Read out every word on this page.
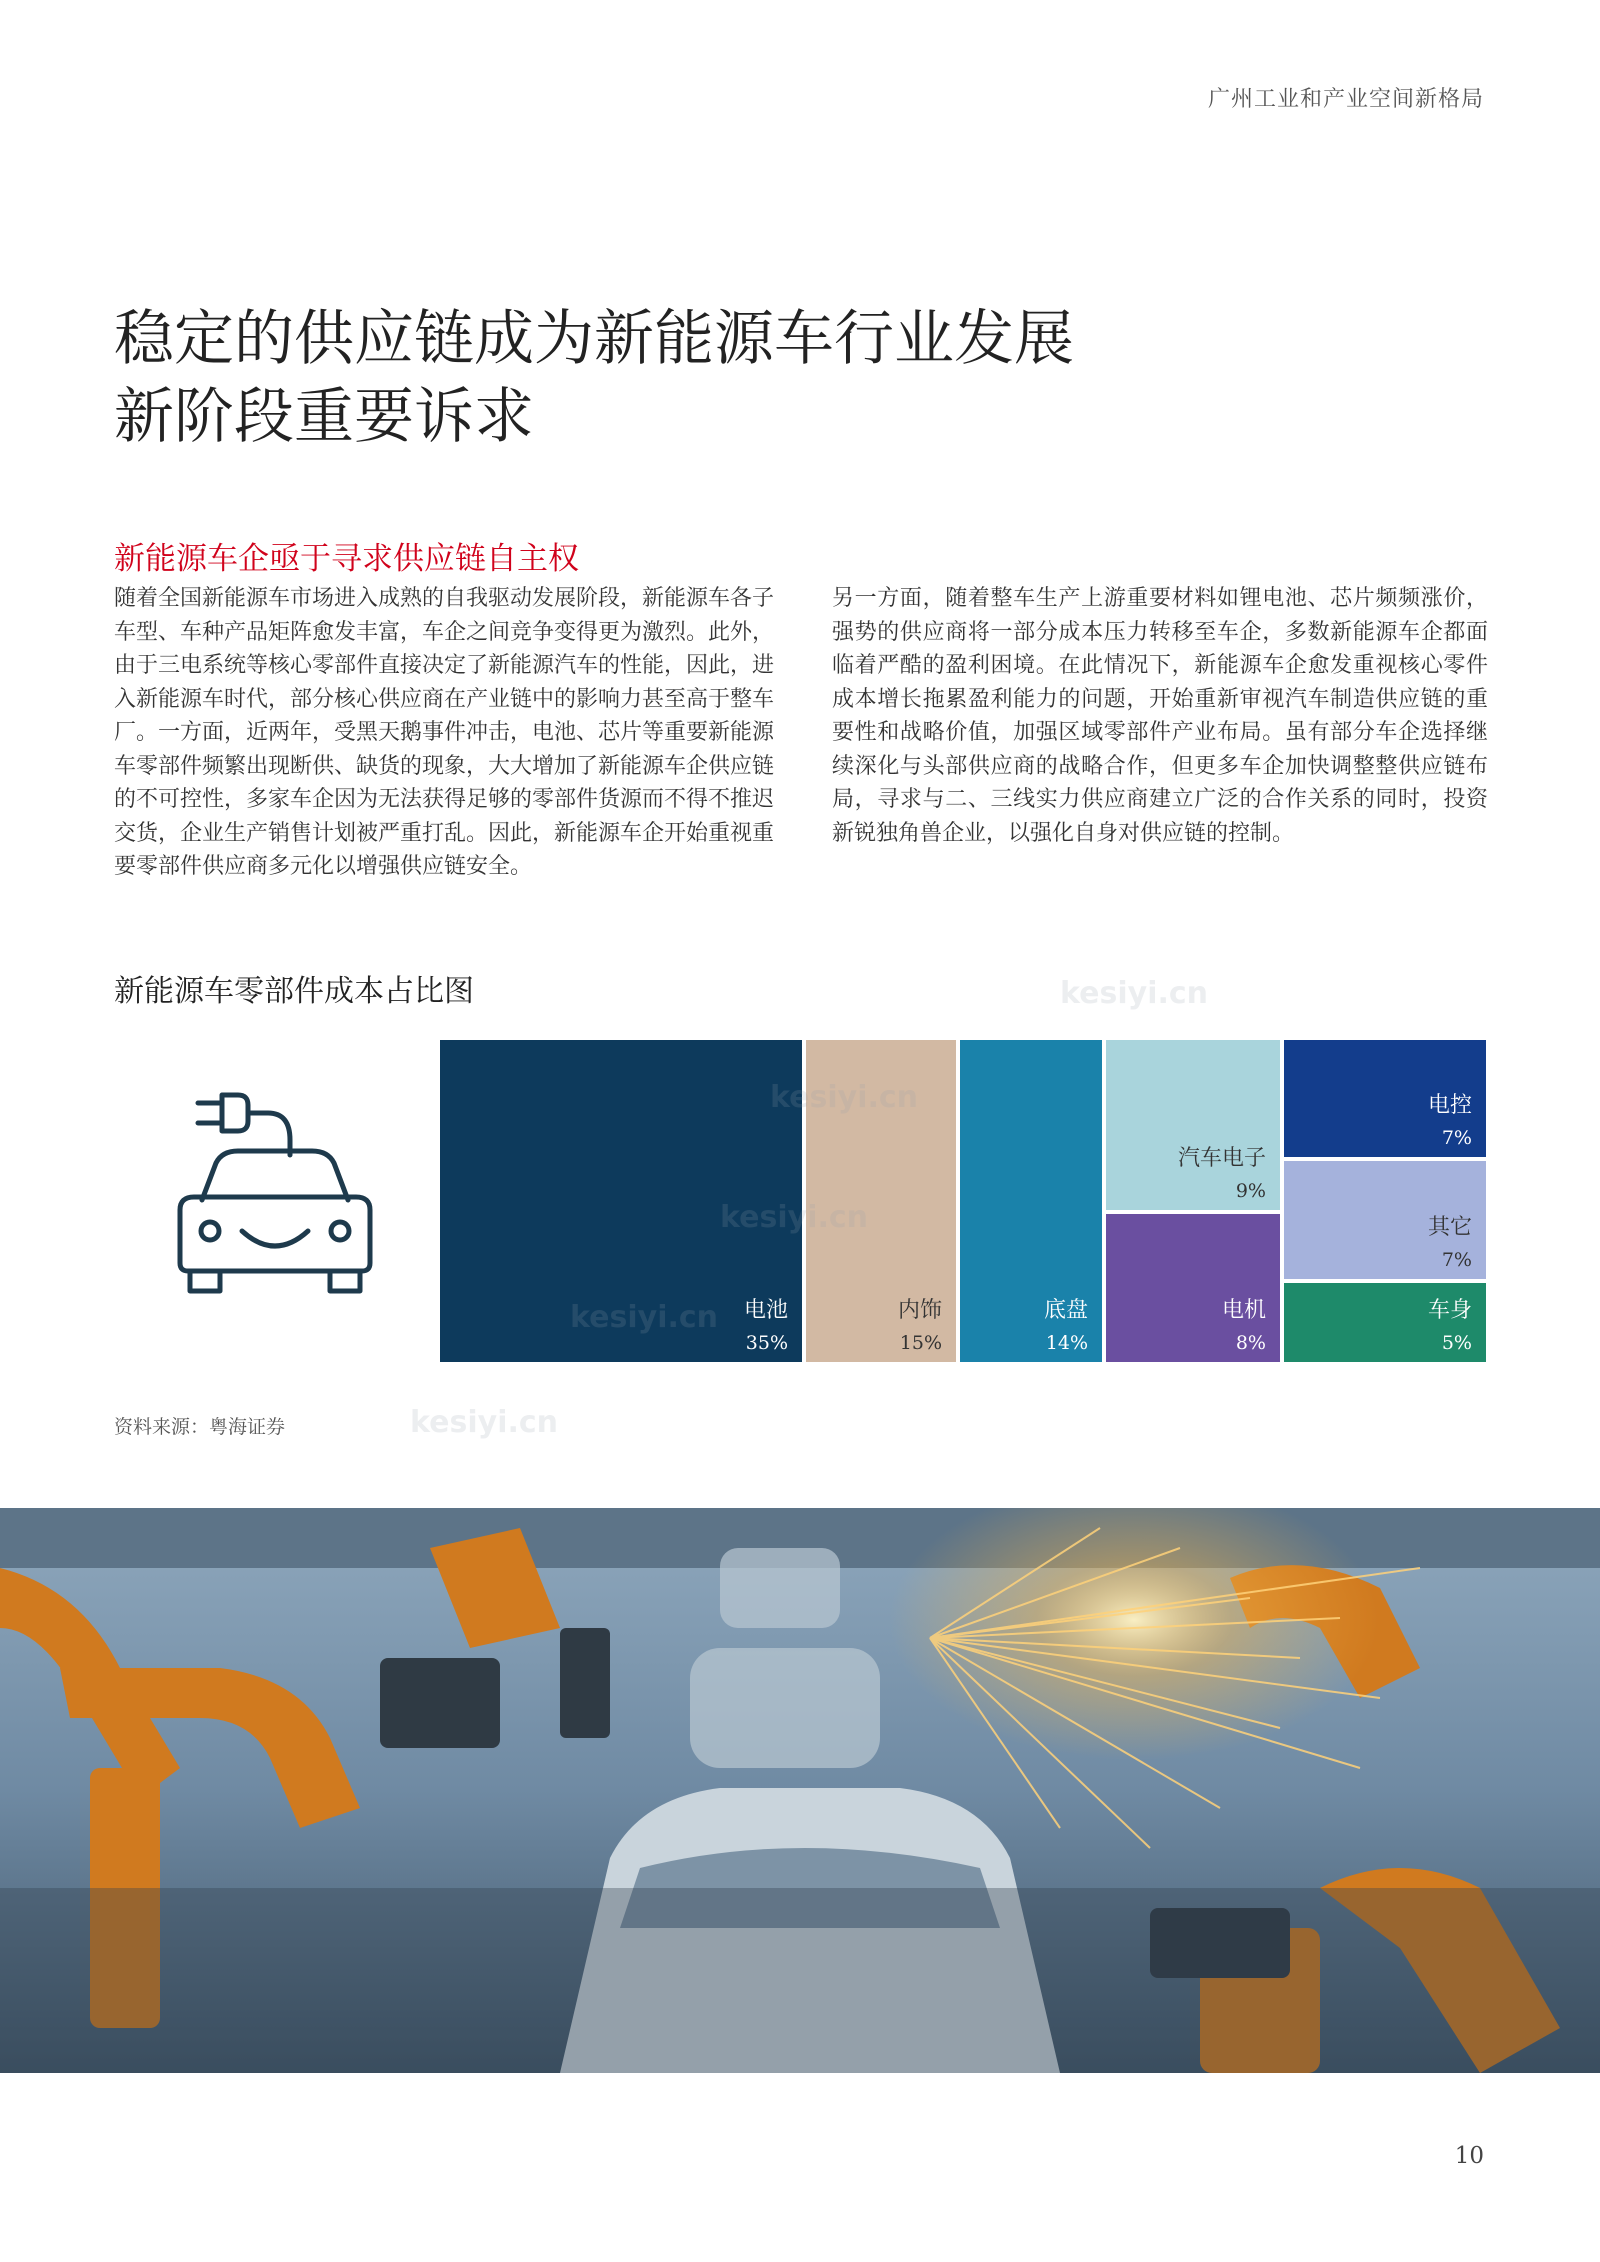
广州工业和产业空间新格局
稳定的供应链成为新能源车行业发展
新阶段重要诉求
新能源车企亟于寻求供应链自主权

随着全国新能源车市场进入成熟的自我驱动发展阶段，新能源车各子车型、车种产品矩阵愈发丰富，车企之间竞争变得更为激烈。此外，由于三电系统等核心零部件直接决定了新能源汽车的性能，因此，进入新能源车时代，部分核心供应商在产业链中的影响力甚至高于整车厂。一方面，近两年，受黑天鹅事件冲击，电池、芯片等重要新能源车零部件频繁出现断供、缺货的现象，大大增加了新能源车企供应链的不可控性，多家车企因为无法获得足够的零部件货源而不得不推迟交货，企业生产销售计划被严重打乱。因此，新能源车企开始重视重要零部件供应商多元化以增强供应链安全。

另一方面，随着整车生产上游重要材料如锂电池、芯片频频涨价，强势的供应商将一部分成本压力转移至车企，多数新能源车企都面临着严酷的盈利困境。在此情况下，新能源车企愈发重视核心零件成本增长拖累盈利能力的问题，开始重新审视汽车制造供应链的重要性和战略价值，加强区域零部件产业布局。虽有部分车企选择继续深化与头部供应商的战略合作，但更多车企加快调整整供应链布局，寻求与二、三线实力供应商建立广泛的合作关系的同时，投资新锐独角兽企业，以强化自身对供应链的控制。

新能源车零部件成本占比图
电池
35%
内饰
15%
底盘
14%
汽车电子
9%
电机
8%
电控
7%
其它
7%
车身
5%

资料来源：粤海证券

kesiyi.cn
kesiyi.cn
kesiyi.cn
kesiyi.cn
kesiyi.cn
10
